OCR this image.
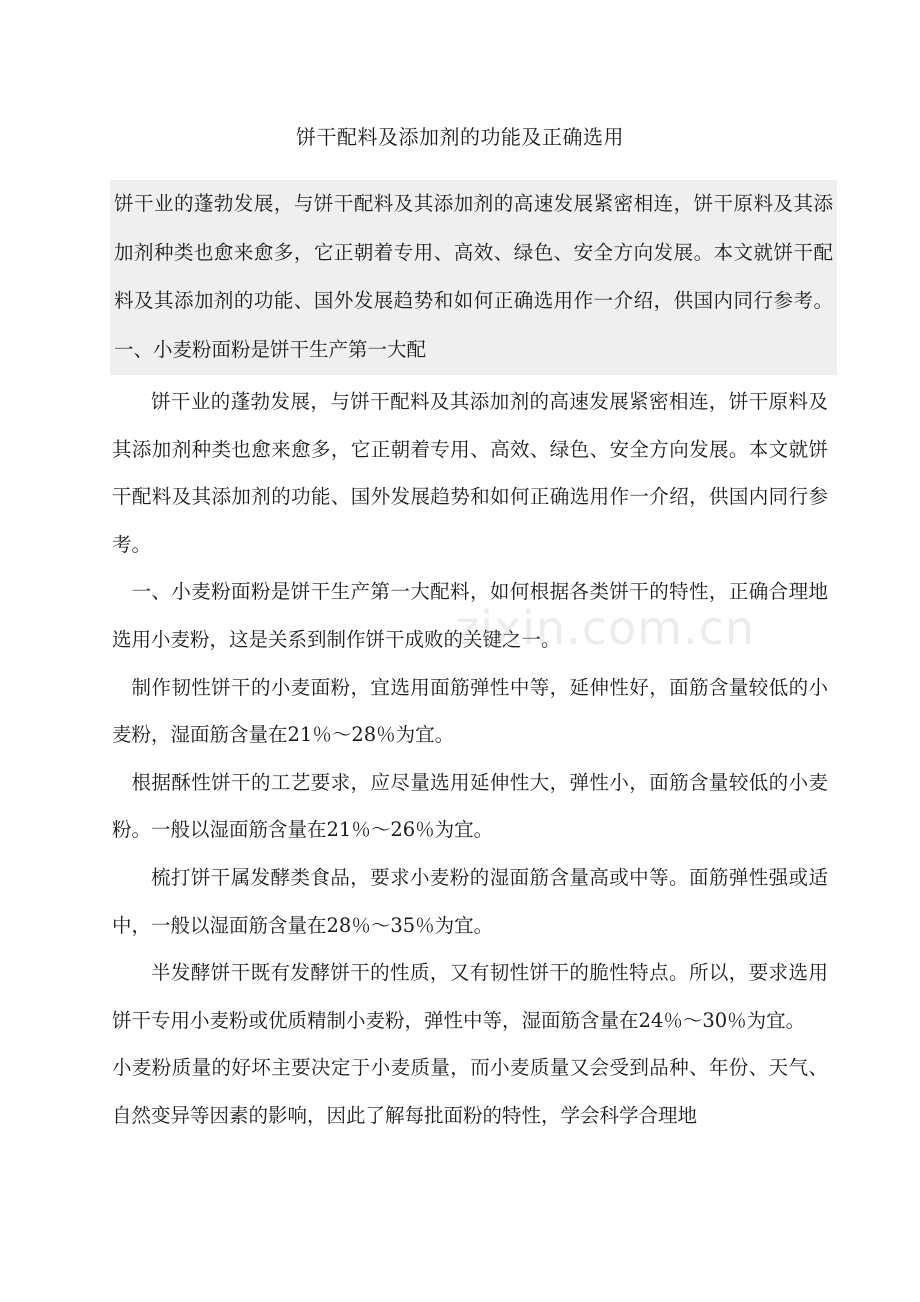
饼干配料及添加剂的功能及正确选用

饼干业的蓬勃发展，与饼干配料及其添加剂的高速发展紧密相连，饼干原料及其添加剂种类也愈来愈多，它正朝着专用、高效、绿色、安全方向发展。本文就饼干配料及其添加剂的功能、国外发展趋势和如何正确选用作一介绍，供国内同行参考。 一、小麦粉面粉是饼干生产第一大配

饼干业的蓬勃发展，与饼干配料及其添加剂的高速发展紧密相连，饼干原料及其添加剂种类也愈来愈多，它正朝着专用、高效、绿色、安全方向发展。本文就饼干配料及其添加剂的功能、国外发展趋势和如何正确选用作一介绍，供国内同行参考。

一、小麦粉面粉是饼干生产第一大配料，如何根据各类饼干的特性，正确合理地选用小麦粉，这是关系到制作饼干成败的关键之一。

制作韧性饼干的小麦面粉，宜选用面筋弹性中等，延伸性好，面筋含量较低的小麦粉，湿面筋含量在21％～28％为宜。

根据酥性饼干的工艺要求，应尽量选用延伸性大，弹性小，面筋含量较低的小麦粉。一般以湿面筋含量在21％～26％为宜。

梳打饼干属发酵类食品，要求小麦粉的湿面筋含量高或中等。面筋弹性强或适中，一般以湿面筋含量在28％～35％为宜。

半发酵饼干既有发酵饼干的性质，又有韧性饼干的脆性特点。所以，要求选用饼干专用小麦粉或优质精制小麦粉，弹性中等，湿面筋含量在24％～30％为宜。

小麦粉质量的好坏主要决定于小麦质量，而小麦质量又会受到品种、年份、天气、自然变异等因素的影响，因此了解每批面粉的特性，学会科学合理地

zixin.com.cn
